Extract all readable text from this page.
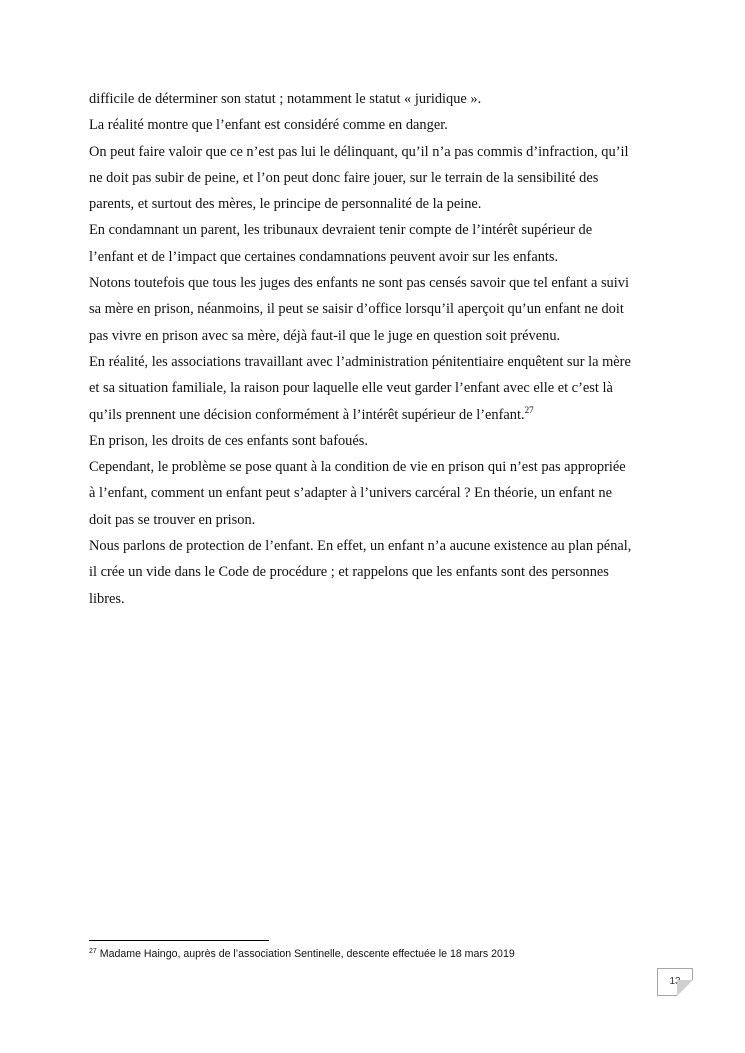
difficile de déterminer son statut ; notamment le statut « juridique ».
La réalité montre que l’enfant est considéré comme en danger.
On peut faire valoir que ce n’est pas lui le délinquant, qu’il n’a pas commis d’infraction, qu’il
ne doit pas subir de peine, et l’on peut donc faire jouer, sur le terrain de la sensibilité des
parents, et surtout des mères, le principe de personnalité de la peine.
En condamnant un parent, les tribunaux devraient tenir compte de l’intérêt supérieur de
l’enfant et de l’impact que certaines condamnations peuvent avoir sur les enfants.
Notons toutefois que tous les juges des enfants ne sont pas censés savoir que tel enfant a suivi
sa mère en prison, néanmoins, il peut se saisir d’office lorsqu’il aperçoit qu’un enfant ne doit
pas vivre en prison avec sa mère, déjà faut-il que le juge en question soit prévenu.
En réalité, les associations travaillant avec l’administration pénitentiaire enquêtent sur la mère
et sa situation familiale, la raison pour laquelle elle veut garder l’enfant avec elle et c’est là
qu’ils prennent une décision conformément à l’intérêt supérieur de l’enfant.$^{27}$
En prison, les droits de ces enfants sont bafoués.
Cependant, le problème se pose quant à la condition de vie en prison qui n’est pas appropriée
à l’enfant, comment un enfant peut s’adapter à l’univers carcéral ? En théorie, un enfant ne
doit pas se trouver en prison.
Nous parlons de protection de l’enfant. En effet, un enfant n’a aucune existence au plan pénal,
il crée un vide dans le Code de procédure ; et rappelons que les enfants sont des personnes
libres.
$^{27}$ Madame Haingo, auprès de l’association Sentinelle, descente effectuée le 18 mars 2019
13
